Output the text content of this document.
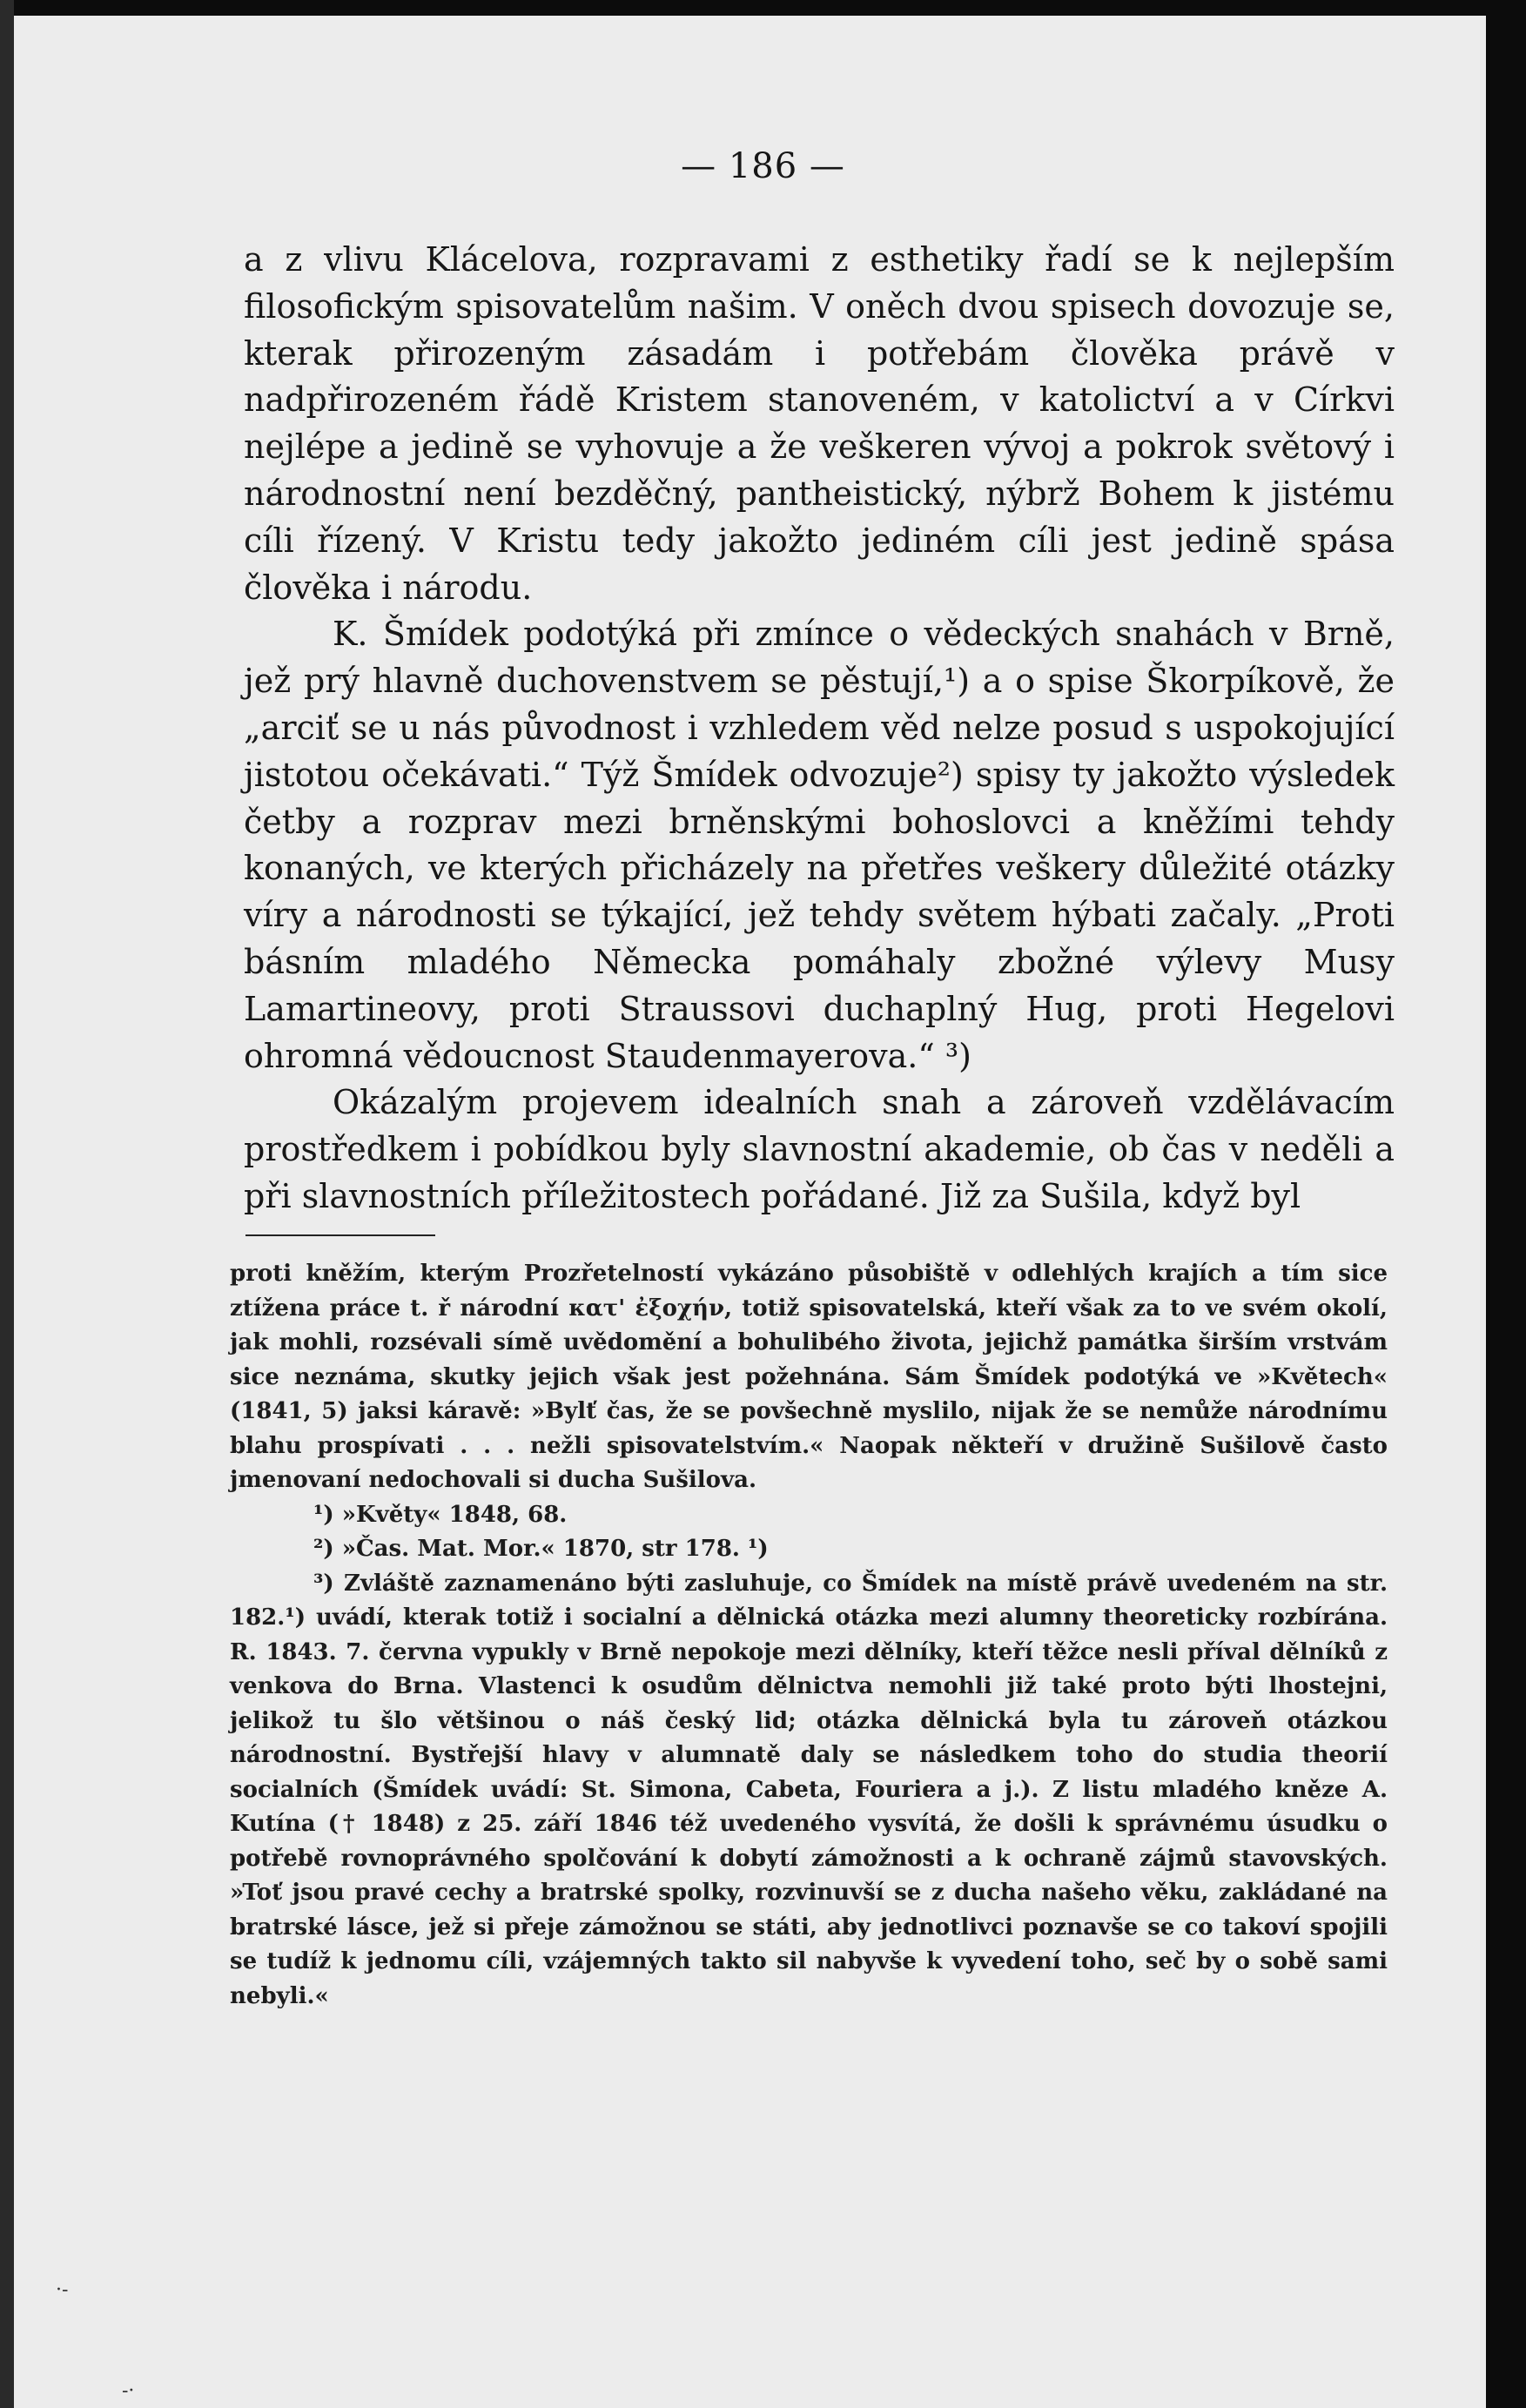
— 186 —

a z vlivu Klácelova, rozpravami z esthetiky řadí se k nejlepším filosofickým spisovatelům našim. V oněch dvou spisech dovozuje se, kterak přirozeným zásadám i potřebám člověka právě v nadpřirozeném řádě Kristem stanoveném, v katolictví a v Církvi nejlépe a jedině se vyhovuje a že veškeren vývoj a pokrok světový i národnostní není bezděčný, pantheistický, nýbrž Bohem k jistému cíli řízený. V Kristu tedy jakožto jediném cíli jest jedině spása člověka i národu.

K. Šmídek podotýká při zmínce o vědeckých snahách v Brně, jež prý hlavně duchovenstvem se pěstují,¹) a o spise Škorpíkově, že „arciť se u nás původnost i vzhledem věd nelze posud s uspokojující jistotou očekávati.“ Týž Šmídek odvozuje²) spisy ty jakožto výsledek četby a rozprav mezi brněnskými bohoslovci a kněžími tehdy konaných, ve kterých přicházely na přetřes veškery důležité otázky víry a národnosti se týkající, jež tehdy světem hýbati začaly. „Proti básním mladého Německa pomáhaly zbožné výlevy Musy Lamartineovy, proti Straussovi duchaplný Hug, proti Hegelovi ohromná vědoucnost Staudenmayerova.“ ³)

Okázalým projevem idealních snah a zároveň vzdělávacím prostředkem i pobídkou byly slavnostní akademie, ob čas v neděli a při slavnostních příležitostech pořádané. Již za Sušila, když byl

proti kněžím, kterým Prozřetelností vykázáno působiště v odlehlých krajích a tím sice ztížena práce t. ř národní κατ' ἐξοχήν, totiž spisovatelská, kteří však za to ve svém okolí, jak mohli, rozsévali símě uvědomění a bohulibého života, jejichž památka širším vrstvám sice neznáma, skutky jejich však jest požehnána. Sám Šmídek podotýká ve »Květech« (1841, 5) jaksi káravě: »Bylť čas, že se povšechně myslilo, nijak že se nemůže národnímu blahu prospívati . . . nežli spisovatelstvím.« Naopak někteří v družině Sušilově často jmenovaní nedochovali si ducha Sušilova.

¹) »Květy« 1848, 68.

²) »Čas. Mat. Mor.« 1870, str 178. ¹)

³) Zvláště zaznamenáno býti zasluhuje, co Šmídek na místě právě uvedeném na str. 182.¹) uvádí, kterak totiž i socialní a dělnická otázka mezi alumny theoreticky rozbírána. R. 1843. 7. června vypukly v Brně nepokoje mezi dělníky, kteří těžce nesli příval dělníků z venkova do Brna. Vlastenci k osudům dělnictva nemohli již také proto býti lhostejni, jelikož tu šlo většinou o náš český lid; otázka dělnická byla tu zároveň otázkou národnostní. Bystřejší hlavy v alumnatě daly se následkem toho do studia theorií socialních (Šmídek uvádí: St. Simona, Cabeta, Fouriera a j.). Z listu mladého kněze A. Kutína († 1848) z 25. září 1846 též uvedeného vysvítá, že došli k správnému úsudku o potřebě rovnoprávného spolčování k dobytí zámožnosti a k ochraně zájmů stavovských. »Toť jsou pravé cechy a bratrské spolky, rozvinuvší se z ducha našeho věku, zakládané na bratrské lásce, jež si přeje zámožnou se státi, aby jednotlivci poznavše se co takoví spojili se tudíž k jednomu cíli, vzájemných takto sil nabyvše k vyvedení toho, seč by o sobě sami nebyli.«

·‐
‐·
